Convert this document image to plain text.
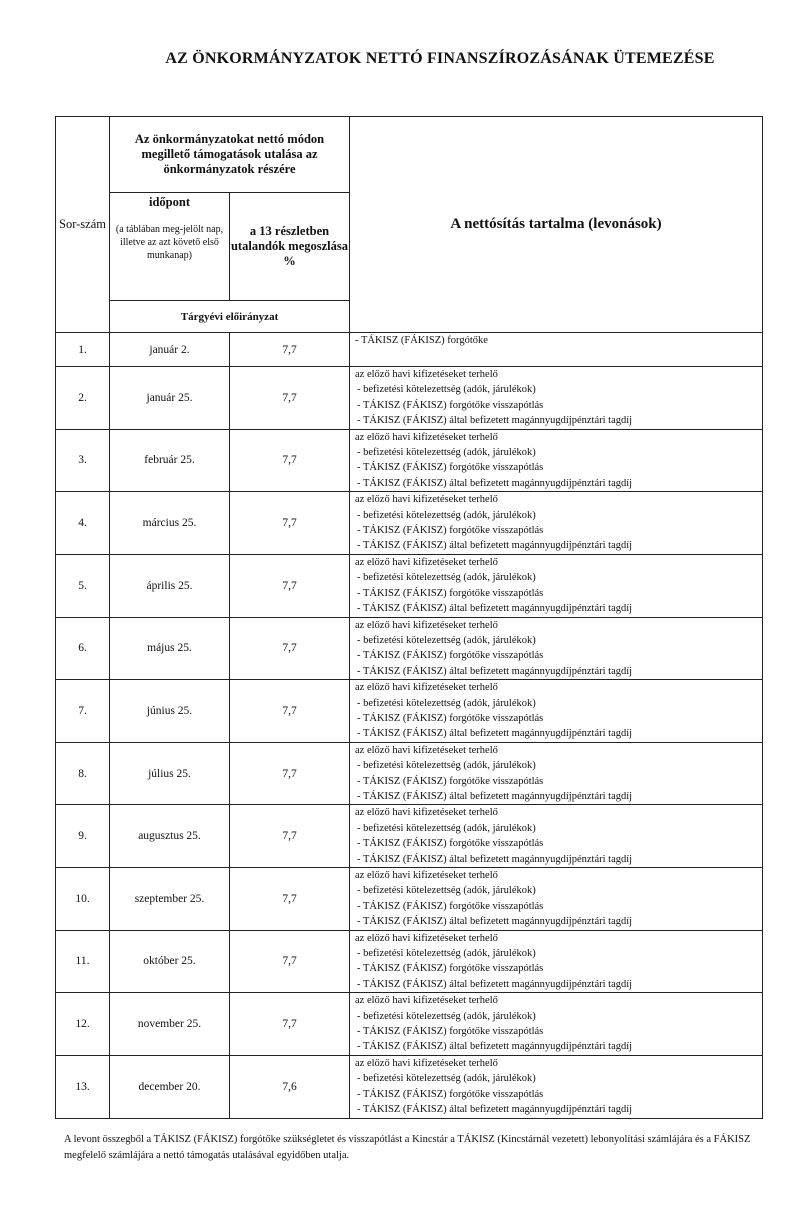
AZ ÖNKORMÁNYZATOK NETTÓ FINANSZÍROZÁSÁNAK ÜTEMEZÉSE
Sor-szám	Az önkormányzatokat nettó módon megillető támogatások utalása az önkormányzatok részére		A nettósítás tartalma (levonások)
	időpont
(a táblában meg-jelölt nap, illetve az azt követő első munkanap)	a 13 részletben utalandók megoszlása %	
	Tárgyévi előirányzat		
1.	január 2.	7,7	- TÁKISZ (FÁKISZ) forgótőke

2.	január 25.	7,7	az előző havi kifizetéseket terhelő
- befizetési kötelezettség (adók, járulékok)
- TÁKISZ (FÁKISZ) forgótőke visszapótlás
- TÁKISZ (FÁKISZ) által befizetett magánnyugdíjpénztári tagdíj

3.	február 25.	7,7	az előző havi kifizetéseket terhelő
- befizetési kötelezettség (adók, járulékok)
- TÁKISZ (FÁKISZ) forgótőke visszapótlás
- TÁKISZ (FÁKISZ) által befizetett magánnyugdíjpénztári tagdíj

4.	március 25.	7,7	az előző havi kifizetéseket terhelő
- befizetési kötelezettség (adók, járulékok)
- TÁKISZ (FÁKISZ) forgótőke visszapótlás
- TÁKISZ (FÁKISZ) által befizetett magánnyugdíjpénztári tagdíj

5.	április 25.	7,7	az előző havi kifizetéseket terhelő
- befizetési kötelezettség (adók, járulékok)
- TÁKISZ (FÁKISZ) forgótőke visszapótlás
- TÁKISZ (FÁKISZ) által befizetett magánnyugdíjpénztári tagdíj

6.	május 25.	7,7	az előző havi kifizetéseket terhelő
- befizetési kötelezettség (adók, járulékok)
- TÁKISZ (FÁKISZ) forgótőke visszapótlás
- TÁKISZ (FÁKISZ) által befizetett magánnyugdíjpénztári tagdíj

7.	június 25.	7,7	az előző havi kifizetéseket terhelő
- befizetési kötelezettség (adók, járulékok)
- TÁKISZ (FÁKISZ) forgótőke visszapótlás
- TÁKISZ (FÁKISZ) által befizetett magánnyugdíjpénztári tagdíj

8.	július 25.	7,7	az előző havi kifizetéseket terhelő
- befizetési kötelezettség (adók, járulékok)
- TÁKISZ (FÁKISZ) forgótőke visszapótlás
- TÁKISZ (FÁKISZ) által befizetett magánnyugdíjpénztári tagdíj

9.	augusztus 25.	7,7	az előző havi kifizetéseket terhelő
- befizetési kötelezettség (adók, járulékok)
- TÁKISZ (FÁKISZ) forgótőke visszapótlás
- TÁKISZ (FÁKISZ) által befizetett magánnyugdíjpénztári tagdíj

10.	szeptember 25.	7,7	az előző havi kifizetéseket terhelő
- befizetési kötelezettség (adók, járulékok)
- TÁKISZ (FÁKISZ) forgótőke visszapótlás
- TÁKISZ (FÁKISZ) által befizetett magánnyugdíjpénztári tagdíj

11.	október 25.	7,7	az előző havi kifizetéseket terhelő
- befizetési kötelezettség (adók, járulékok)
- TÁKISZ (FÁKISZ) forgótőke visszapótlás
- TÁKISZ (FÁKISZ) által befizetett magánnyugdíjpénztári tagdíj

12.	november 25.	7,7	az előző havi kifizetéseket terhelő
- befizetési kötelezettség (adók, járulékok)
- TÁKISZ (FÁKISZ) forgótőke visszapótlás
- TÁKISZ (FÁKISZ) által befizetett magánnyugdíjpénztári tagdíj

13.	december 20.	7,6	az előző havi kifizetéseket terhelő
- befizetési kötelezettség (adók, járulékok)
- TÁKISZ (FÁKISZ) forgótőke visszapótlás
- TÁKISZ (FÁKISZ) által befizetett magánnyugdíjpénztári tagdíj
A levont összegből a TÁKISZ (FÁKISZ) forgótőke szükségletet és visszapótlást a Kincstár a TÁKISZ (Kincstárnál vezetett) lebonyolítási számlájára és a FÁKISZ megfelelő számlájára a nettó támogatás utalásával egyidőben utalja.
